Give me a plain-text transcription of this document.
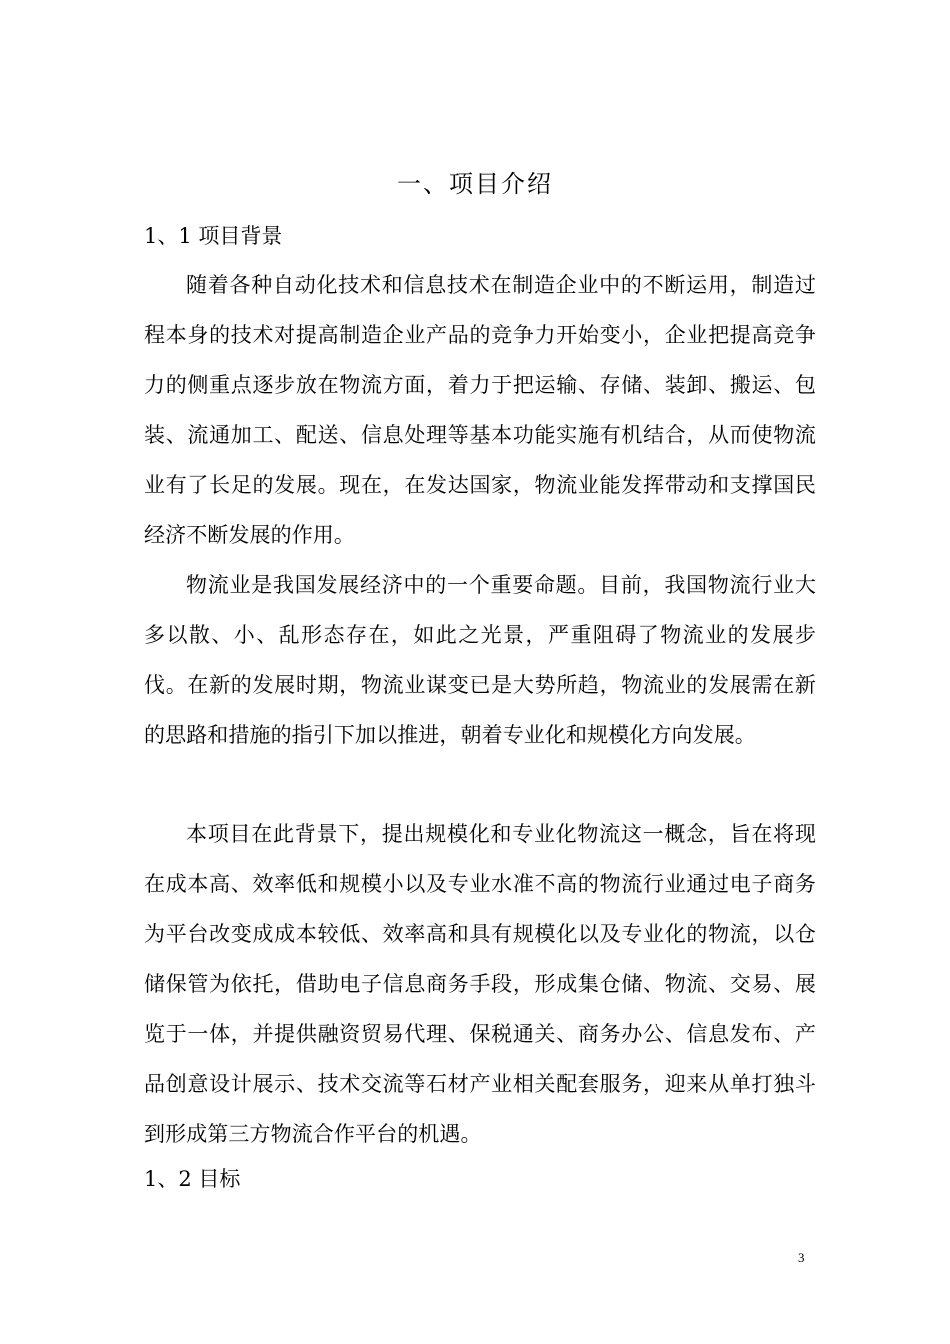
一、项目介绍
1、1 项目背景
随着各种自动化技术和信息技术在制造企业中的不断运用，制造过程本身的技术对提高制造企业产品的竞争力开始变小，企业把提高竞争力的侧重点逐步放在物流方面，着力于把运输、存储、装卸、搬运、包装、流通加工、配送、信息处理等基本功能实施有机结合，从而使物流业有了长足的发展。现在，在发达国家，物流业能发挥带动和支撑国民经济不断发展的作用。
物流业是我国发展经济中的一个重要命题。目前，我国物流行业大多以散、小、乱形态存在，如此之光景，严重阻碍了物流业的发展步伐。在新的发展时期，物流业谋变已是大势所趋，物流业的发展需在新的思路和措施的指引下加以推进，朝着专业化和规模化方向发展。
本项目在此背景下，提出规模化和专业化物流这一概念，旨在将现在成本高、效率低和规模小以及专业水准不高的物流行业通过电子商务为平台改变成成本较低、效率高和具有规模化以及专业化的物流，以仓储保管为依托，借助电子信息商务手段，形成集仓储、物流、交易、展览于一体，并提供融资贸易代理、保税通关、商务办公、信息发布、产品创意设计展示、技术交流等石材产业相关配套服务，迎来从单打独斗到形成第三方物流合作平台的机遇。
1、2 目标
3
